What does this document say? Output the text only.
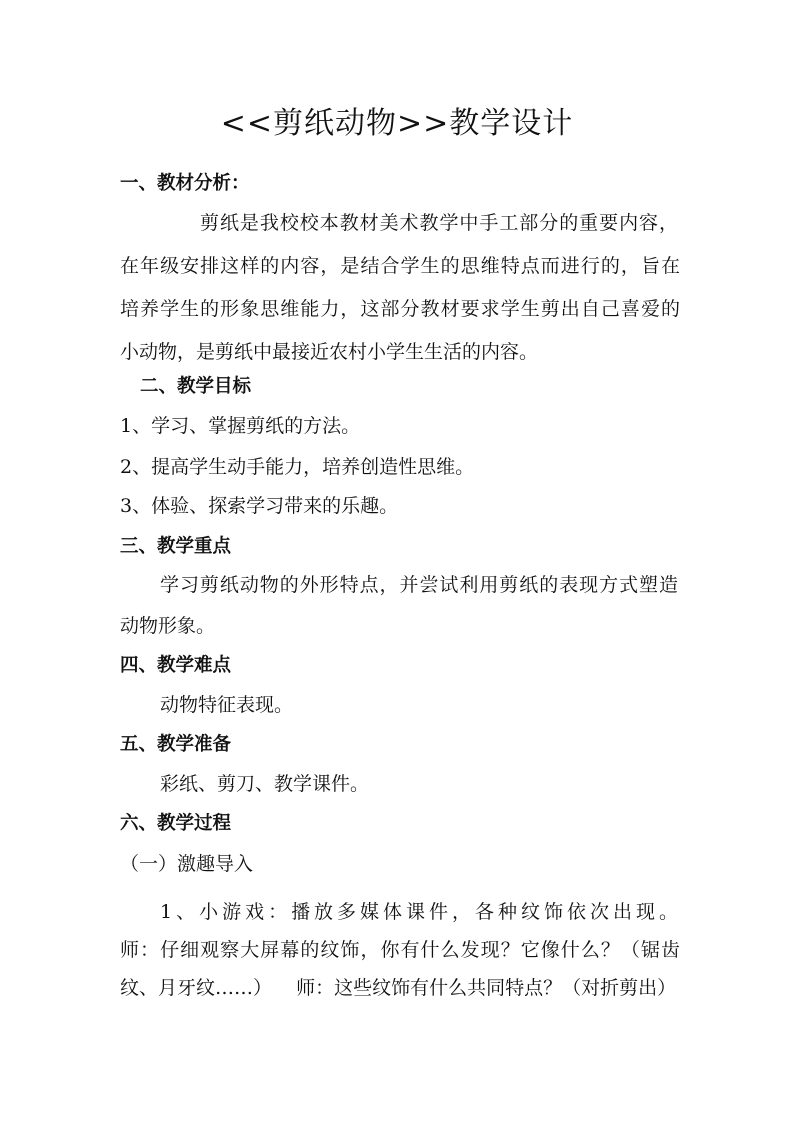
<<剪纸动物>>教学设计

一、教材分析：

剪纸是我校校本教材美术教学中手工部分的重要内容，

在年级安排这样的内容，是结合学生的思维特点而进行的，旨在

培养学生的形象思维能力，这部分教材要求学生剪出自己喜爱的

小动物，是剪纸中最接近农村小学生生活的内容。

二、教学目标

1、学习、掌握剪纸的方法。

2、提高学生动手能力，培养创造性思维。

3、体验、探索学习带来的乐趣。

三、教学重点

学习剪纸动物的外形特点，并尝试利用剪纸的表现方式塑造

动物形象。

四、教学难点

动物特征表现。

五、教学准备

彩纸、剪刀、教学课件。

六、教学过程

（一）激趣导入

1、小游戏：播放多媒体课件，各种纹饰依次出现。

师：仔细观察大屏幕的纹饰，你有什么发现？它像什么？（锯齿

纹、月牙纹……）    师：这些纹饰有什么共同特点？（对折剪出）
